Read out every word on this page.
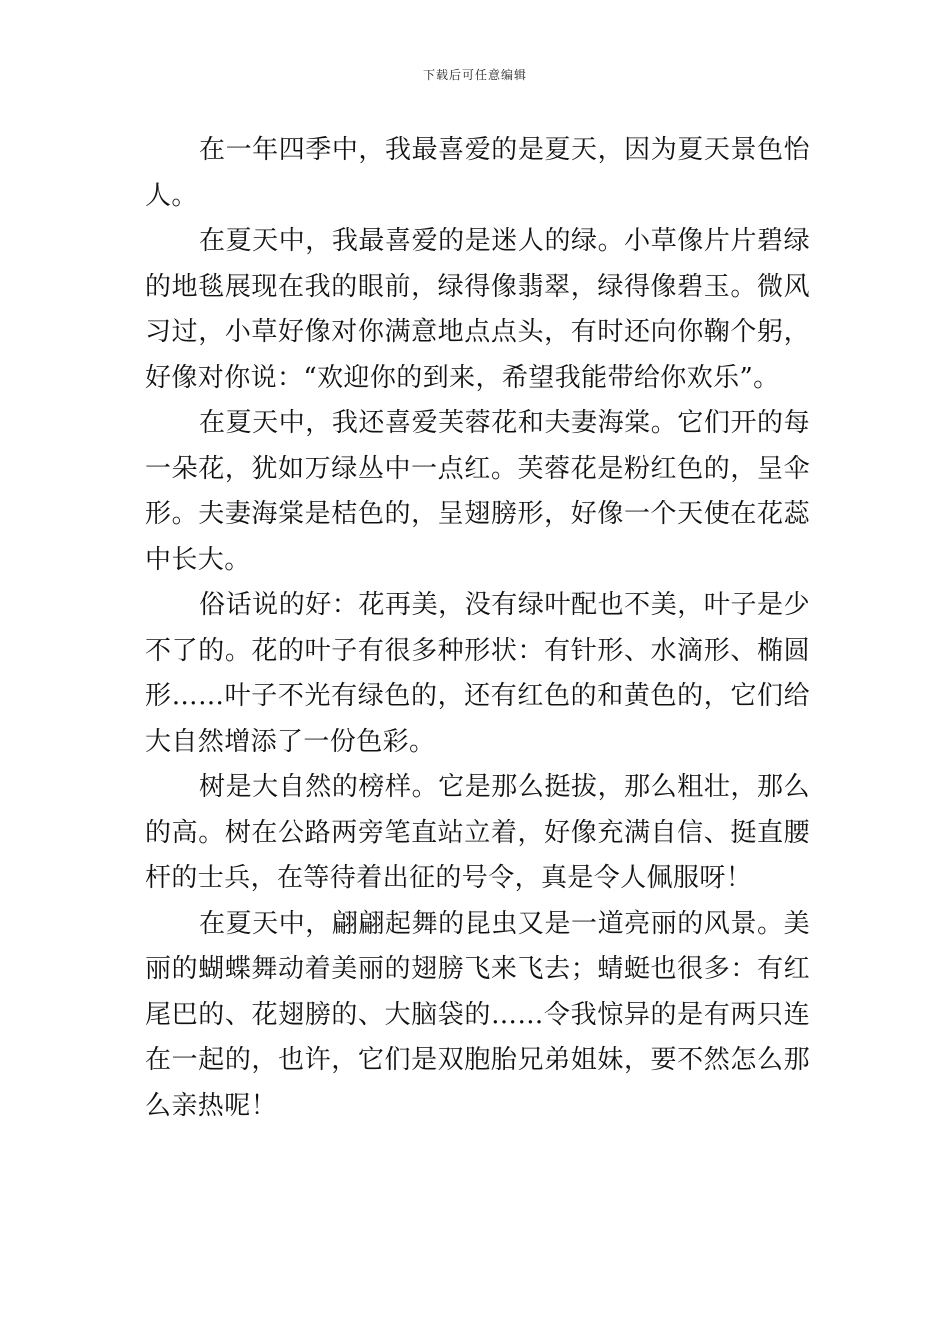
下载后可任意编辑

在一年四季中，我最喜爱的是夏天，因为夏天景色怡人。

在夏天中，我最喜爱的是迷人的绿。小草像片片碧绿的地毯展现在我的眼前，绿得像翡翠，绿得像碧玉。微风习过，小草好像对你满意地点点头，有时还向你鞠个躬，好像对你说：“欢迎你的到来，希望我能带给你欢乐”。

在夏天中，我还喜爱芙蓉花和夫妻海棠。它们开的每一朵花，犹如万绿丛中一点红。芙蓉花是粉红色的，呈伞形。夫妻海棠是桔色的，呈翅膀形，好像一个天使在花蕊中长大。

俗话说的好：花再美，没有绿叶配也不美，叶子是少不了的。花的叶子有很多种形状：有针形、水滴形、椭圆形……叶子不光有绿色的，还有红色的和黄色的，它们给大自然增添了一份色彩。

树是大自然的榜样。它是那么挺拔，那么粗壮，那么的高。树在公路两旁笔直站立着，好像充满自信、挺直腰杆的士兵，在等待着出征的号令，真是令人佩服呀！

在夏天中，翩翩起舞的昆虫又是一道亮丽的风景。美丽的蝴蝶舞动着美丽的翅膀飞来飞去；蜻蜓也很多：有红尾巴的、花翅膀的、大脑袋的……令我惊异的是有两只连在一起的，也许，它们是双胞胎兄弟姐妹，要不然怎么那么亲热呢！
